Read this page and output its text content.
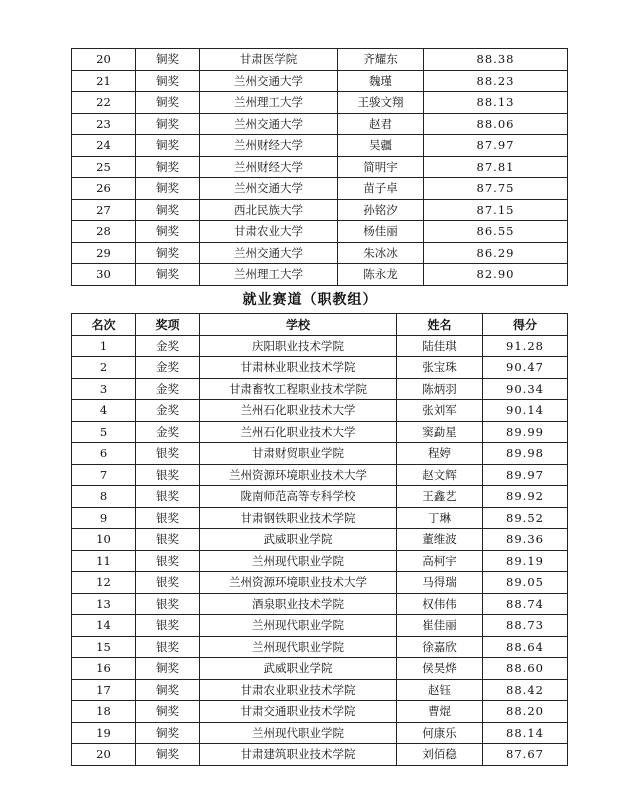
20	铜奖	甘肃医学院	齐耀东	88.38
21	铜奖	兰州交通大学	魏瑾	88.23
22	铜奖	兰州理工大学	王骏文翔	88.13
23	铜奖	兰州交通大学	赵君	88.06
24	铜奖	兰州财经大学	吴疆	87.97
25	铜奖	兰州财经大学	简明宇	87.81
26	铜奖	兰州交通大学	苗子卓	87.75
27	铜奖	西北民族大学	孙铭汐	87.15
28	铜奖	甘肃农业大学	杨佳丽	86.55
29	铜奖	兰州交通大学	朱冰冰	86.29
30	铜奖	兰州理工大学	陈永龙	82.90
就业赛道（职教组）
名次	奖项	学校	姓名	得分
1	金奖	庆阳职业技术学院	陆佳琪	91.28
2	金奖	甘肃林业职业技术学院	张宝珠	90.47
3	金奖	甘肃畜牧工程职业技术学院	陈炳羽	90.34
4	金奖	兰州石化职业技术大学	张刘军	90.14
5	金奖	兰州石化职业技术大学	窦勐星	89.99
6	银奖	甘肃财贸职业学院	程婷	89.98
7	银奖	兰州资源环境职业技术大学	赵文辉	89.97
8	银奖	陇南师范高等专科学校	王鑫艺	89.92
9	银奖	甘肃钢铁职业技术学院	丁琳	89.52
10	银奖	武威职业学院	董维波	89.36
11	银奖	兰州现代职业学院	高柯宇	89.19
12	银奖	兰州资源环境职业技术大学	马得瑞	89.05
13	银奖	酒泉职业技术学院	权伟伟	88.74
14	银奖	兰州现代职业学院	崔佳丽	88.73
15	银奖	兰州现代职业学院	徐嘉欣	88.64
16	铜奖	武威职业学院	侯昊烨	88.60
17	铜奖	甘肃农业职业技术学院	赵钰	88.42
18	铜奖	甘肃交通职业技术学院	曹焜	88.20
19	铜奖	兰州现代职业学院	何康乐	88.14
20	铜奖	甘肃建筑职业技术学院	刘佰稳	87.67
